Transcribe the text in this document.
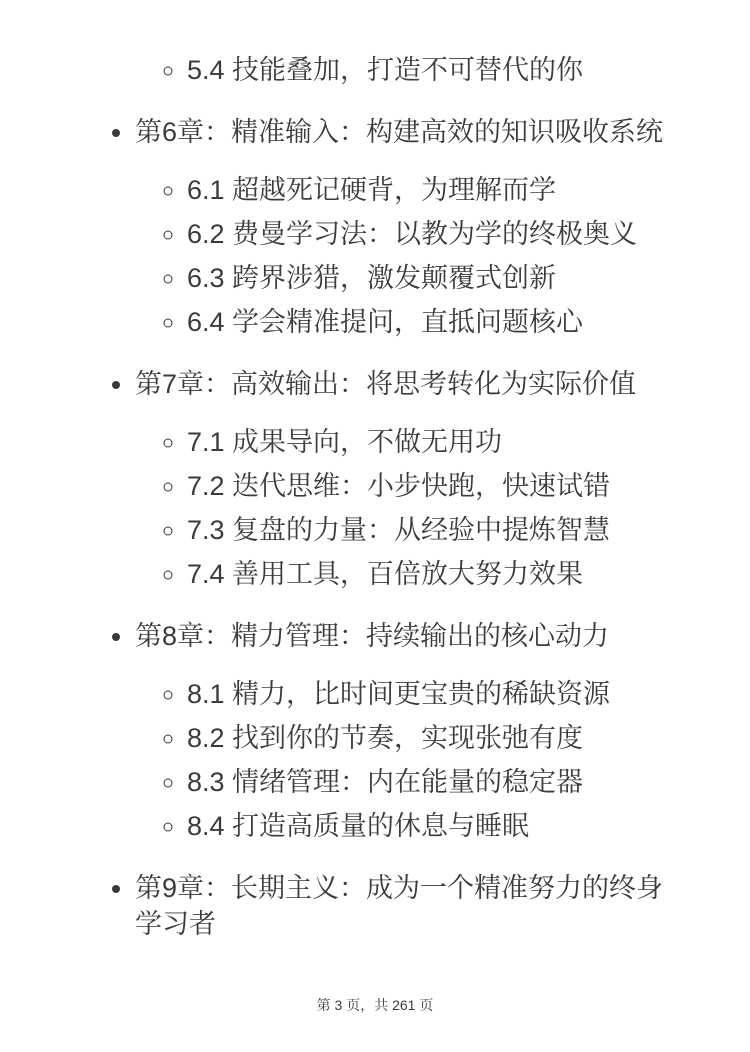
◦ 5.4 技能叠加，打造不可替代的你
• 第6章：精准输入：构建高效的知识吸收系统
◦ 6.1 超越死记硬背，为理解而学
◦ 6.2 费曼学习法：以教为学的终极奥义
◦ 6.3 跨界涉猎，激发颠覆式创新
◦ 6.4 学会精准提问，直抵问题核心
• 第7章：高效输出：将思考转化为实际价值
◦ 7.1 成果导向，不做无用功
◦ 7.2 迭代思维：小步快跑，快速试错
◦ 7.3 复盘的力量：从经验中提炼智慧
◦ 7.4 善用工具，百倍放大努力效果
• 第8章：精力管理：持续输出的核心动力
◦ 8.1 精力，比时间更宝贵的稀缺资源
◦ 8.2 找到你的节奏，实现张弛有度
◦ 8.3 情绪管理：内在能量的稳定器
◦ 8.4 打造高质量的休息与睡眠
• 第9章：长期主义：成为一个精准努力的终身学习者
第 3 页，共 261 页
